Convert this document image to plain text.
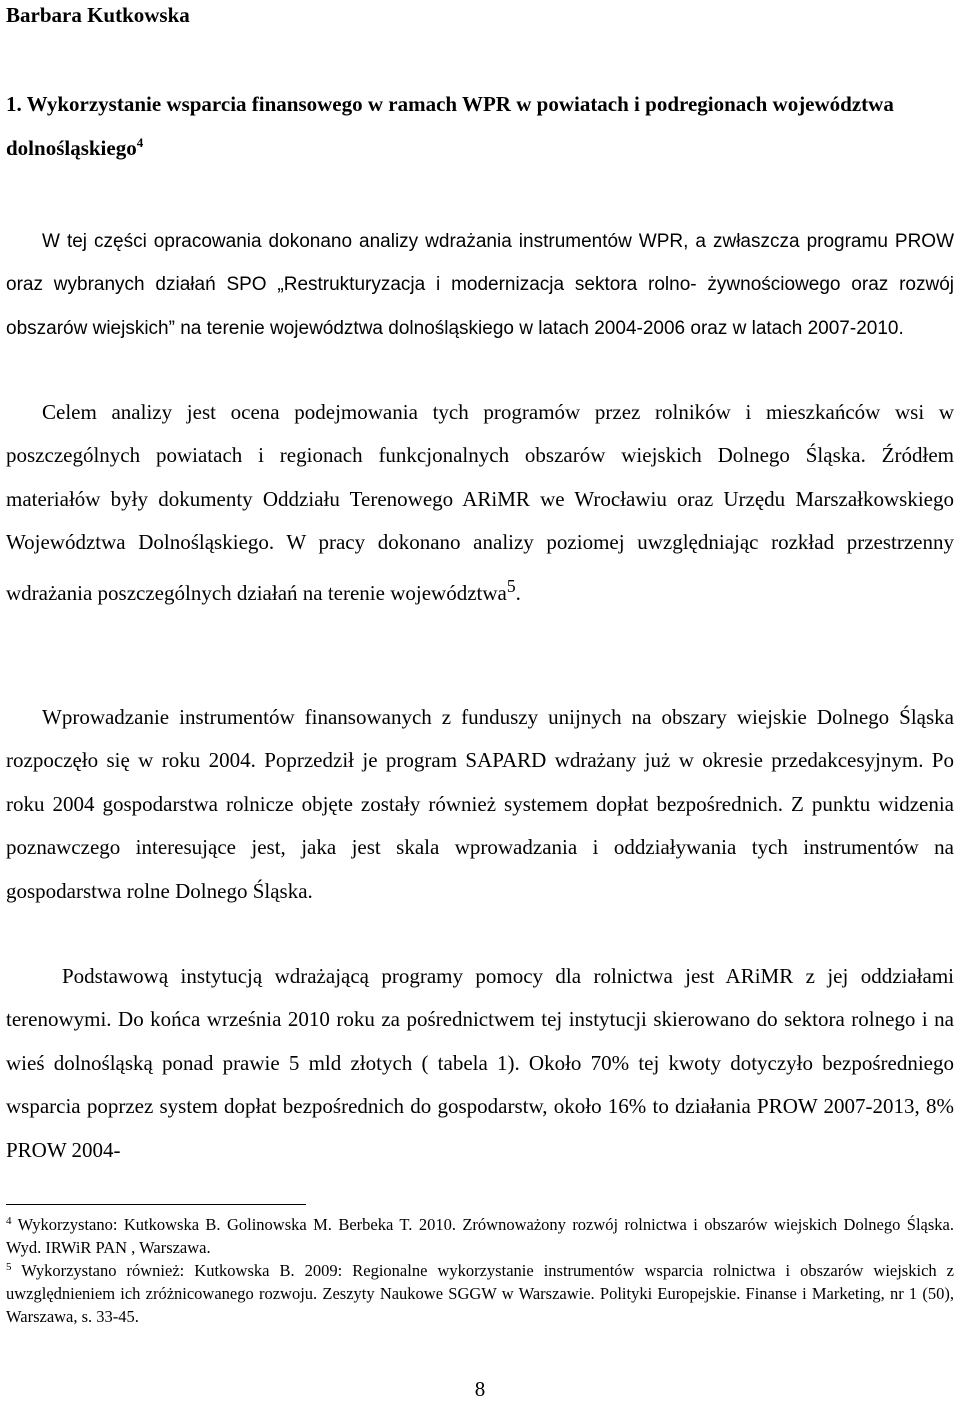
Barbara Kutkowska
1. Wykorzystanie wsparcia finansowego w ramach WPR w powiatach i podregionach województwa dolnośląskiego$^4$

W tej części opracowania dokonano analizy wdrażania instrumentów WPR, a zwłaszcza programu PROW oraz wybranych działań SPO „Restrukturyzacja i modernizacja sektora rolno- żywnościowego oraz rozwój obszarów wiejskich” na terenie województwa dolnośląskiego w latach 2004-2006 oraz w latach 2007-2010.

Celem analizy jest ocena podejmowania tych programów przez rolników i mieszkańców wsi w poszczególnych powiatach i regionach funkcjonalnych obszarów wiejskich Dolnego Śląska. Źródłem materiałów były dokumenty Oddziału Terenowego ARiMR we Wrocławiu oraz Urzędu Marszałkowskiego Województwa Dolnośląskiego. W pracy dokonano analizy poziomej uwzględniając rozkład przestrzenny wdrażania poszczególnych działań na terenie województwa$^5$.

Wprowadzanie instrumentów finansowanych z funduszy unijnych na obszary wiejskie Dolnego Śląska rozpoczęło się w roku 2004. Poprzedził je program SAPARD wdrażany już w okresie przedakcesyjnym. Po roku 2004 gospodarstwa rolnicze objęte zostały również systemem dopłat bezpośrednich. Z punktu widzenia poznawczego interesujące jest, jaka jest skala wprowadzania i oddziaływania tych instrumentów na gospodarstwa rolne Dolnego Śląska.

Podstawową instytucją wdrażającą programy pomocy dla rolnictwa jest ARiMR z jej oddziałami terenowymi. Do końca września 2010 roku za pośrednictwem tej instytucji skierowano do sektora rolnego i na wieś dolnośląską ponad prawie 5 mld złotych ( tabela 1). Około 70% tej kwoty dotyczyło bezpośredniego wsparcia poprzez system dopłat bezpośrednich do gospodarstw, około 16% to działania PROW 2007-2013, 8% PROW 2004-

$^4$ Wykorzystano: Kutkowska B. Golinowska M. Berbeka T. 2010. Zrównoważony rozwój rolnictwa i obszarów wiejskich Dolnego Śląska. Wyd. IRWiR PAN , Warszawa.

$^5$ Wykorzystano również: Kutkowska B. 2009: Regionalne wykorzystanie instrumentów wsparcia rolnictwa i obszarów wiejskich z uwzględnieniem ich zróżnicowanego rozwoju. Zeszyty Naukowe SGGW w Warszawie. Polityki Europejskie. Finanse i Marketing, nr 1 (50), Warszawa, s. 33-45.

8
